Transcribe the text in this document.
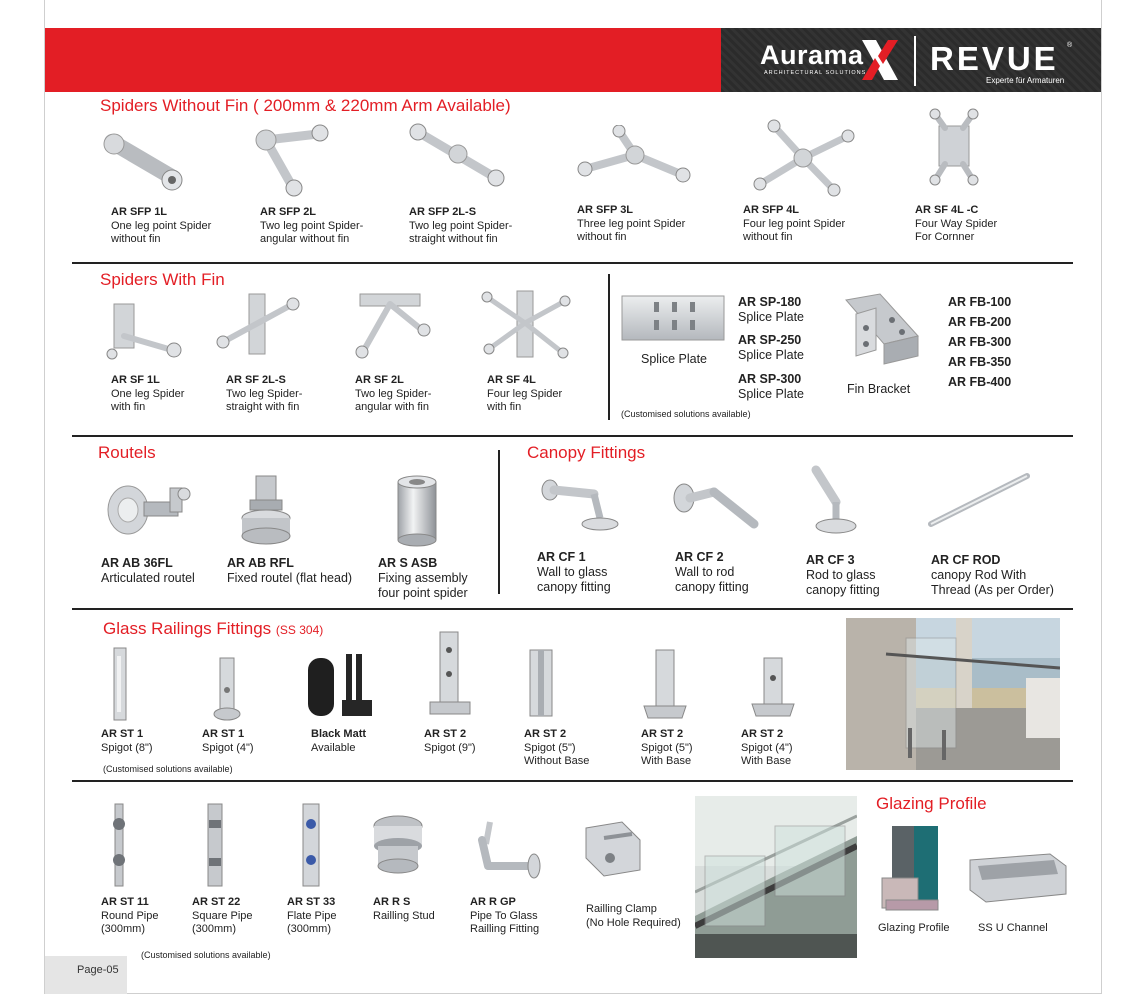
Aurama
ARCHITECTURAL SOLUTIONS REVUE ®
Experte für Armaturen
Spiders Without Fin ( 200mm & 220mm Arm Available)
AR SFP 1L
One leg point Spider
without fin
AR SFP 2L
Two leg point Spider-
angular without fin
AR SFP 2L-S
Two leg point Spider-
straight without fin
AR SFP 3L
Three leg point Spider
without fin
AR SFP 4L
Four leg point Spider
without fin
AR SF 4L -C
Four Way Spider
For Cornner
Spiders With Fin
AR SF 1L
One leg Spider
with fin
AR SF 2L-S
Two leg Spider-
straight with fin
AR SF 2L
Two leg Spider-
angular with fin
AR SF 4L
Four leg Spider
with fin
Splice Plate
AR SP-180
Splice Plate
AR SP-250
Splice Plate
AR SP-300
Splice Plate	Fin Bracket
AR FB-100
AR FB-200
AR FB-300
AR FB-350
AR FB-400
(Customised solutions available)
Routels
AR AB 36FL
Articulated routel
AR AB RFL
Fixed routel (flat head)
AR S ASB
Fixing assembly
four point spider
Canopy Fittings
AR CF 1
Wall to glass
canopy fitting
AR CF 2
Wall to rod
canopy fitting
AR CF 3
Rod to glass
canopy fitting
AR CF ROD
canopy Rod With
Thread (As per Order)
Glass Railings Fittings (SS 304)
AR ST 1
Spigot (8")
AR ST 1
Spigot (4")
Black Matt
Available
AR ST 2
Spigot (9")
AR ST 2
Spigot (5")
Without Base
AR ST 2
Spigot (5")
With Base
AR ST 2
Spigot (4")
With Base
(Customised solutions available)
AR ST 11
Round Pipe
(300mm)
AR ST 22
Square Pipe
(300mm)
AR ST 33
Flate Pipe
(300mm)
AR R S
Railling Stud
AR R GP
Pipe To Glass
Railling Fitting
Railling Clamp
(No Hole Required)
(Customised solutions available)
Glazing Profile
Glazing Profile	SS U Channel
Page-05
